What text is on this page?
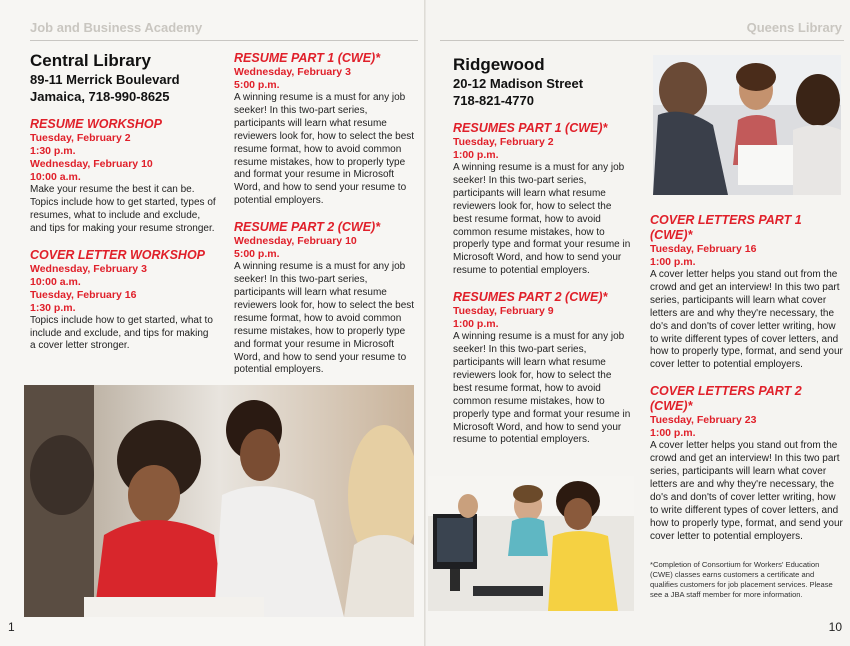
Job and Business Academy
Central Library
89-11 Merrick Boulevard
Jamaica, 718-990-8625
RESUME WORKSHOP
Tuesday, February 2
1:30 p.m.
Wednesday, February 10
10:00 a.m.
Make your resume the best it can be. Topics include how to get started, types of resumes, what to include and exclude, and tips for making your resume stronger.
COVER LETTER WORKSHOP
Wednesday, February 3
10:00 a.m.
Tuesday, February 16
1:30 p.m.
Topics include how to get started, what to include and exclude, and tips for making a cover letter stronger.
RESUME PART 1 (CWE)*
Wednesday, February 3
5:00 p.m.
A winning resume is a must for any job seeker! In this two-part series, participants will learn what resume reviewers look for, how to select the best resume format, how to avoid common resume mistakes, how to properly type and format your resume in Microsoft Word, and how to send your resume to potential employers.
RESUME PART 2 (CWE)*
Wednesday, February 10
5:00 p.m.
A winning resume is a must for any job seeker! In this two-part series, participants will learn what resume reviewers look for, how to select the best resume format, how to avoid common resume mistakes, how to properly type and format your resume in Microsoft Word, and how to send your resume to potential employers.
1
Queens Library
Ridgewood
20-12 Madison Street
718-821-4770
RESUMES PART 1 (CWE)*
Tuesday, February 2
1:00 p.m.
A winning resume is a must for any job seeker! In this two-part series, participants will learn what resume reviewers look for, how to select the best resume format, how to avoid common resume mistakes, how to properly type and format your resume in Microsoft Word, and how to send your resume to potential employers.
RESUMES PART 2 (CWE)*
Tuesday, February 9
1:00 p.m.
A winning resume is a must for any job seeker! In this two-part series, participants will learn what resume reviewers look for, how to select the best resume format, how to avoid common resume mistakes, how to properly type and format your resume in Microsoft Word, and how to send your resume to potential employers.
COVER LETTERS PART 1 (CWE)*
Tuesday, February 16
1:00 p.m.
A cover letter helps you stand out from the crowd and get an interview! In this two part series, participants will learn what cover letters are and why they're necessary, the do's and don'ts of cover letter writing, how to write different types of cover letters, and how to properly type, format, and send your cover letter to potential employers.
COVER LETTERS PART 2 (CWE)*
Tuesday, February 23
1:00 p.m.
A cover letter helps you stand out from the crowd and get an interview! In this two part series, participants will learn what cover letters are and why they're necessary, the do's and don'ts of cover letter writing, how to write different types of cover letters, and how to properly type, format, and send your cover letter to potential employers.
*Completion of Consortium for Workers' Education (CWE) classes earns customers a certificate and qualifies customers for job placement services. Please see a JBA staff member for more information.
10
